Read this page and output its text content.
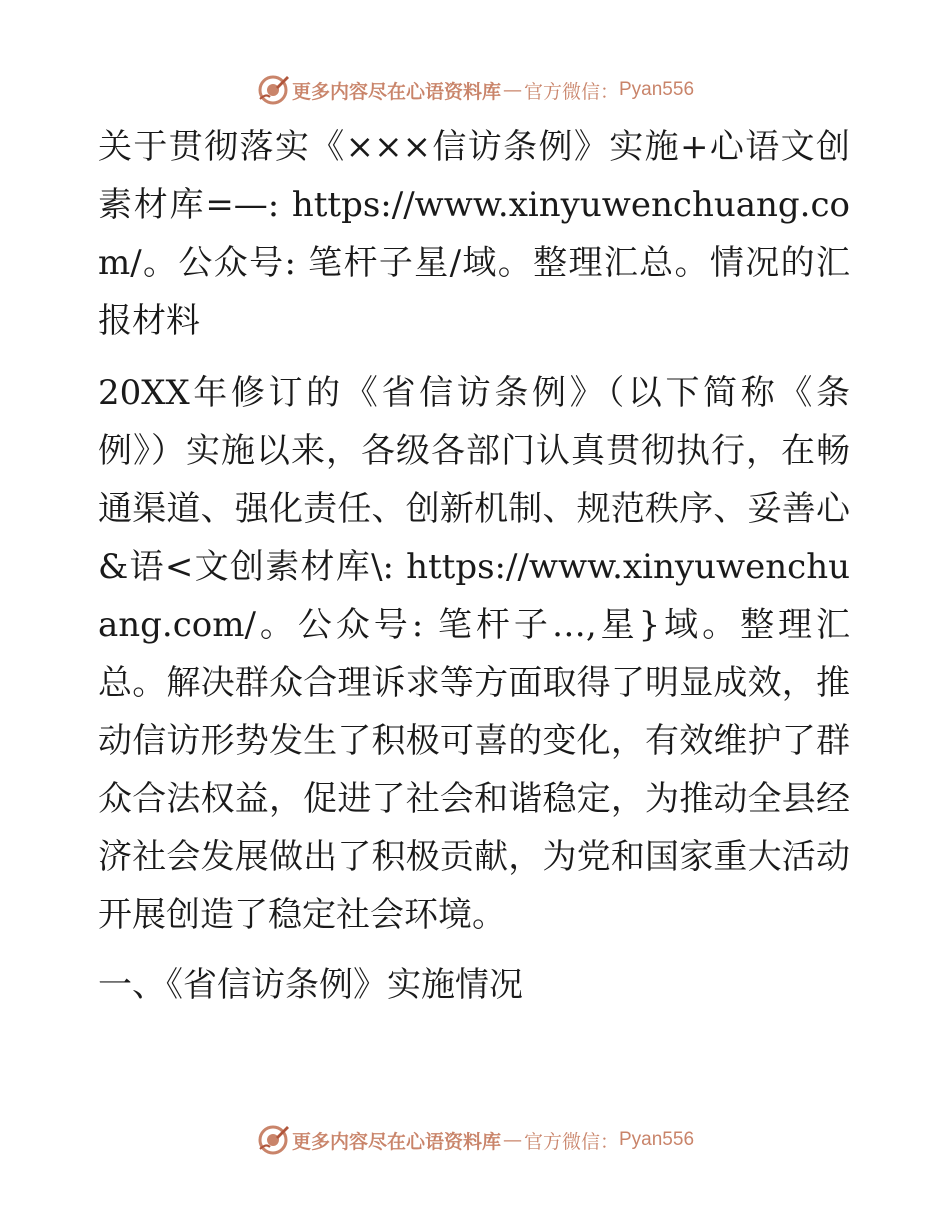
更多内容尽在心语资料库 — 官方微信： Pyan556

关于贯彻落实《×××信访条例》实施+心语文创素材库=—: https://www.xinyuwenchuang.com/。公众号: 笔杆子星/域。整理汇总。情况的汇报材料

20XX年修订的《省信访条例》（以下简称《条例》）实施以来，各级各部门认真贯彻执行，在畅通渠道、强化责任、创新机制、规范秩序、妥善心&语<文创素材库\: https://www.xinyuwenchuang.com/。公众号: 笔杆子…,星}域。整理汇总。解决群众合理诉求等方面取得了明显成效，推动信访形势发生了积极可喜的变化，有效维护了群众合法权益，促进了社会和谐稳定，为推动全县经济社会发展做出了积极贡献，为党和国家重大活动开展创造了稳定社会环境。

一、《省信访条例》实施情况

更多内容尽在心语资料库 — 官方微信： Pyan556
